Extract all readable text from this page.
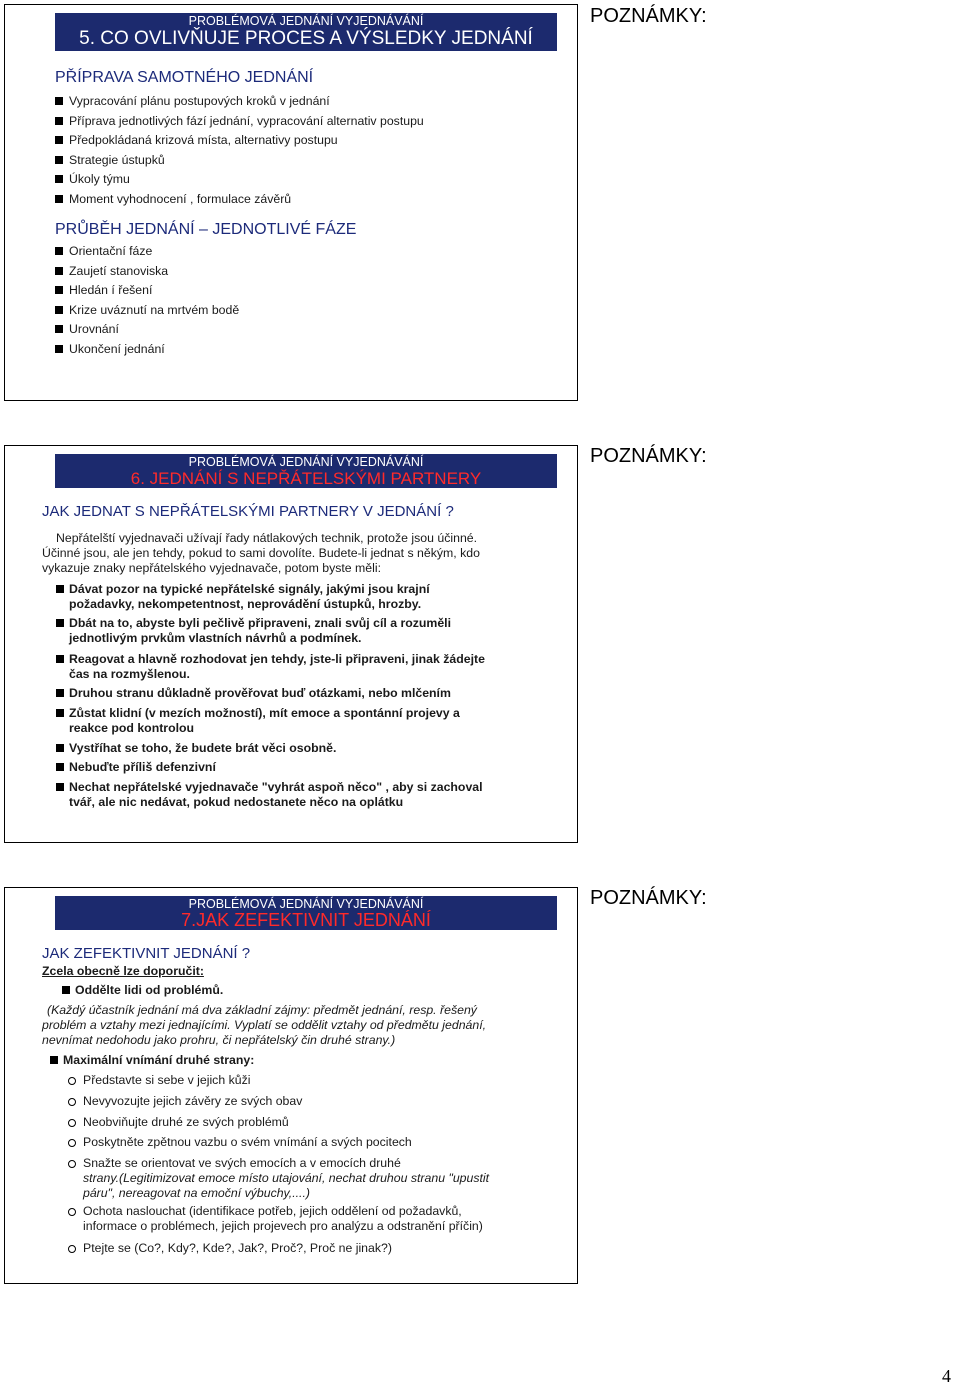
PROBLÉMOVÁ JEDNÁNÍ VYJEDNÁVÁNÍ
5. CO OVLIVŇUJE PROCES A VÝSLEDKY JEDNÁNÍ
PŘÍPRAVA SAMOTNÉHO JEDNÁNÍ
Vypracování plánu postupových kroků v jednání
Příprava jednotlivých fází jednání, vypracování alternativ postupu
Předpokládaná krizová místa, alternativy postupu
Strategie ústupků
Úkoly týmu
Moment vyhodnocení , formulace závěrů
PRŮBĚH JEDNÁNÍ – JEDNOTLIVÉ FÁZE
Orientační fáze
Zaujetí stanoviska
Hledán í řešení
Krize uváznutí na mrtvém bodě
Urovnání
Ukončení jednání
POZNÁMKY:
PROBLÉMOVÁ JEDNÁNÍ VYJEDNÁVÁNÍ
6. JEDNÁNÍ S NEPŘÁTELSKÝMI PARTNERY
JAK JEDNAT S NEPŘÁTELSKÝMI PARTNERY V JEDNÁNÍ ?
Nepřátelští vyjednavači užívají řady nátlakových technik, protože jsou účinné.
Účinné jsou, ale jen tehdy, pokud to sami dovolíte. Budete-li jednat s někým, kdo
vykazuje znaky nepřátelského vyjednavače, potom byste měli:
Dávat pozor na typické nepřátelské signály, jakými jsou krajní
požadavky, nekompetentnost, neprovádění ústupků, hrozby.
Dbát na to, abyste byli pečlivě připraveni, znali svůj cíl a rozuměli
jednotlivým prvkům vlastních návrhů a podmínek.
Reagovat a hlavně rozhodovat jen tehdy, jste-li připraveni, jinak žádejte
čas na rozmyšlenou.
Druhou stranu důkladně prověřovat buď otázkami, nebo mlčením
Zůstat klidní (v mezích možností), mít emoce a spontánní projevy a
reakce pod kontrolou
Vystříhat se toho, že budete brát věci osobně.
Nebuďte příliš defenzivní
Nechat nepřátelské vyjednavače "vyhrát aspoň něco" , aby si zachoval
tvář, ale nic nedávat, pokud nedostanete něco na oplátku
POZNÁMKY:
PROBLÉMOVÁ JEDNÁNÍ VYJEDNÁVÁNÍ
7.JAK ZEFEKTIVNIT JEDNÁNÍ
JAK ZEFEKTIVNIT JEDNÁNÍ ?
Zcela obecně lze doporučit:
Oddělte lidi od problémů.
(Každý účastník jednání má dva základní zájmy: předmět jednání, resp. řešený
problém a vztahy mezi jednajícími. Vyplatí se oddělit vztahy od předmětu jednání,
nevnímat nedohodu jako prohru, či nepřátelský čin druhé strany.)
Maximální vnímání druhé strany:
Představte si sebe v jejich kůži
Nevyvozujte jejich závěry ze svých obav
Neobviňujte druhé ze svých problémů
Poskytněte zpětnou vazbu o svém vnímání a svých pocitech
Snažte se orientovat ve svých emocích a v emocích druhé
strany.(Legitimizovat emoce místo utajování, nechat druhou stranu "upustit
páru", nereagovat na emoční výbuchy,....)
Ochota naslouchat (identifikace potřeb, jejich oddělení od požadavků,
informace o problémech, jejich projevech pro analýzu a odstranění příčin)
Ptejte se (Co?, Kdy?, Kde?, Jak?, Proč?, Proč ne jinak?)
POZNÁMKY:
4
